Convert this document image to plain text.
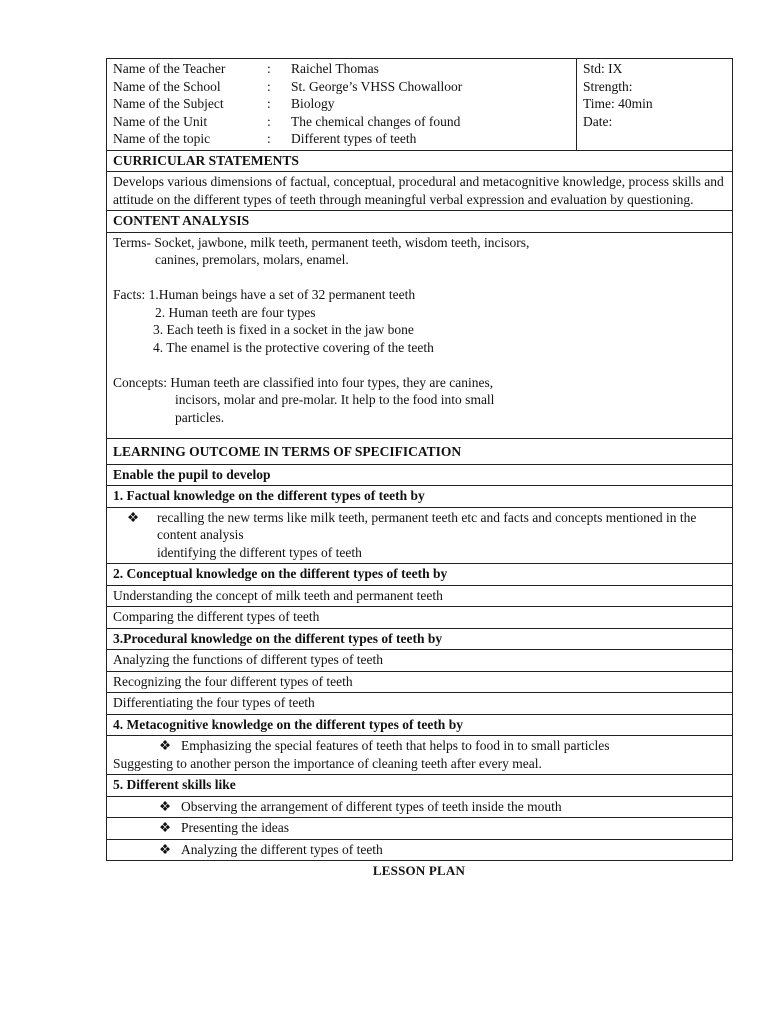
Name of the Teacher	:	Raichel Thomas
Name of the School	:	St. George’s VHSS Chowalloor
Name of the Subject	:	Biology
Name of the Unit	:	The chemical changes of found
Name of the topic	:	Different types of teeth

Std: IX
Strength:
Time: 40min
Date:

CURRICULAR STATEMENTS
Develops various dimensions of factual, conceptual, procedural and metacognitive knowledge, process skills and attitude on the different types of teeth through meaningful verbal expression and evaluation by questioning.
CONTENT ANALYSIS

Terms- Socket, jawbone, milk teeth, permanent teeth, wisdom teeth, incisors,
canines, premolars, molars, enamel.
Facts: 1.Human beings have a set of 32 permanent teeth
2. Human teeth are four types
3. Each teeth is fixed in a socket in the jaw bone
4. The enamel is the protective covering of the teeth
Concepts: Human teeth are classified into four types, they are canines,
incisors, molar and pre-molar. It help to the food into small
particles.

LEARNING OUTCOME IN TERMS OF SPECIFICATION
Enable the pupil to develop
1. Factual knowledge on the different types of teeth by

❖ recalling the new terms like milk teeth, permanent teeth etc and facts and concepts mentioned in the content analysis
identifying the different types of teeth

2. Conceptual knowledge on the different types of teeth by
Understanding the concept of milk teeth and permanent teeth
Comparing the different types of teeth
3.Procedural knowledge on the different types of teeth by
Analyzing the functions of different types of teeth
Recognizing the four different types of teeth
Differentiating the four types of teeth
4. Metacognitive knowledge on the different types of teeth by

❖ Emphasizing the special features of teeth that helps to food in to small particles
Suggesting to another person the importance of cleaning teeth after every meal.

5. Different skills like

❖ Observing the arrangement of different types of teeth inside the mouth

❖ Presenting the ideas

❖ Analyzing the different types of teeth
LESSON PLAN
